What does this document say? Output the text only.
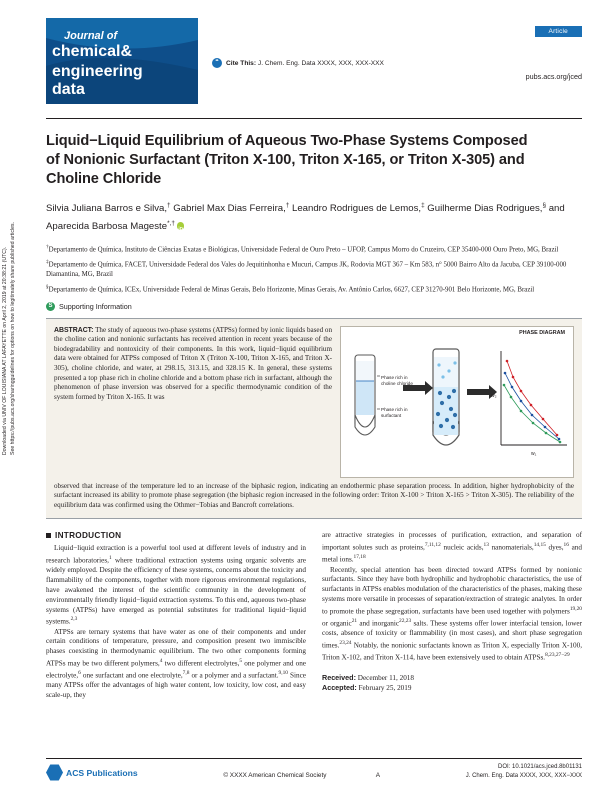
Downloaded via UNIV OF LOUISIANA AT LAFAYETTE on April 2, 2019 at 20:38:21 (UTC). See https://pubs.acs.org/sharingguidelines for options on how to legitimately share published articles.
Journal of
chemical&
engineering
data
“	Cite This: J. Chem. Eng. Data XXXX, XXX, XXX-XXX
Article
pubs.acs.org/jced
Liquid−Liquid Equilibrium of Aqueous Two-Phase Systems Composed of Nonionic Surfactant (Triton X-100, Triton X-165, or Triton X-305) and Choline Chloride
Silvia Juliana Barros e Silva,† Gabriel Max Dias Ferreira,† Leandro Rodrigues de Lemos,‡ Guilherme Dias Rodrigues,§ and Aparecida Barbosa Mageste*,†iD

†Departamento de Química, Instituto de Ciências Exatas e Biológicas, Universidade Federal de Ouro Preto – UFOP, Campus Morro do Cruzeiro, CEP 35400-000 Ouro Preto, MG, Brazil

‡Departamento de Química, FACET, Universidade Federal dos Vales do Jequitinhonha e Mucuri, Campus JK, Rodovia MGT 367 – Km 583, n° 5000 Bairro Alto da Jacuba, CEP 39100-000 Diamantina, MG, Brazil

§Departamento de Química, ICEx, Universidade Federal de Minas Gerais, Belo Horizonte, Minas Gerais, Av. Antônio Carlos, 6627, CEP 31270-901 Belo Horizonte, MG, Brazil

S Supporting Information
ABSTRACT: The study of aqueous two-phase systems (ATPSs) formed by ionic liquids based on the choline cation and nonionic surfactants has received attention in recent years because of the biodegradability and nontoxicity of their components. In this work, liquid−liquid equilibrium data were obtained for ATPSs composed of Triton X (Triton X-100, Triton X-165, and Triton X-305), choline chloride, and water, at 298.15, 313.15, and 328.15 K. In general, these systems presented a top phase rich in choline chloride and a bottom phase rich in surfactant, although the phenomenon of phase inversion was observed for a specific thermodynamic condition of the system formed by Triton X-165. It was
PHASE DIAGRAM
Phase rich in
choline chloride
Phase rich in
surfactant
w₁
w₂
observed that increase of the temperature led to an increase of the biphasic region, indicating an endothermic phase separation process. In addition, higher hydrophobicity of the surfactant increased its ability to promote phase segregation (the biphasic region increased in the following order: Triton X-100 > Triton X-165 > Triton X-305). The reliability of the equilibrium data was confirmed using the Othmer−Tobias and Bancroft correlations.
INTRODUCTION

Liquid−liquid extraction is a powerful tool used at different levels of industry and in research laboratories,$^1$ where traditional extraction systems using organic solvents are widely employed. Despite the efficiency of these systems, concerns about the toxicity and flammability of the components, together with more rigorous environmental regulations, have awakened the interest of the scientific community in the development of environmentally friendly liquid−liquid extraction systems. To this end, aqueous two-phase systems (ATPSs) have emerged as potential substitutes for traditional liquid−liquid systems.$^{2,3}$

ATPSs are ternary systems that have water as one of their components and under certain conditions of temperature, pressure, and composition present two immiscible phases coexisting in thermodynamic equilibrium. The two other components forming ATPSs may be two different polymers,$^4$ two different electrolytes,$^5$ one polymer and one electrolyte,$^6$ one surfactant and one electrolyte,$^{7,8}$ or a polymer and a surfactant.$^{9,10}$ Since many ATPSs offer the advantages of high water content, low toxicity, low cost, and easy scale-up, they

are attractive strategies in processes of purification, extraction, and separation of important solutes such as proteins,$^{7,11,12}$ nucleic acids,$^{13}$ nanomaterials,$^{14,15}$ dyes,$^{16}$ and metal ions.$^{17,18}$

Recently, special attention has been directed toward ATPSs formed by nonionic surfactants. Since they have both hydrophilic and hydrophobic characteristics, the use of surfactants in ATPSs enables modulation of the characteristics of the phases, making these systems more versatile in processes of separation/extraction of strategic analytes. In order to promote the phase segregation, surfactants have been used together with polymers$^{19,20}$ or organic$^{21}$ and inorganic$^{22,23}$ salts. These systems offer lower interfacial tension, lower costs, absence of toxicity or flammability (in most cases), and short phase segregation times.$^{23,24}$ Notably, the nonionic surfactants known as Triton X, especially Triton X-100, Triton X-102, and Triton X-114, have been extensively used to obtain ATPSs.$^{8,23,27-29}$

Received: December 11, 2018
Accepted: February 25, 2019
ACS Publications	© XXXX American Chemical Society	A
DOI: 10.1021/acs.jced.8b01131
J. Chem. Eng. Data XXXX, XXX, XXX−XXX
